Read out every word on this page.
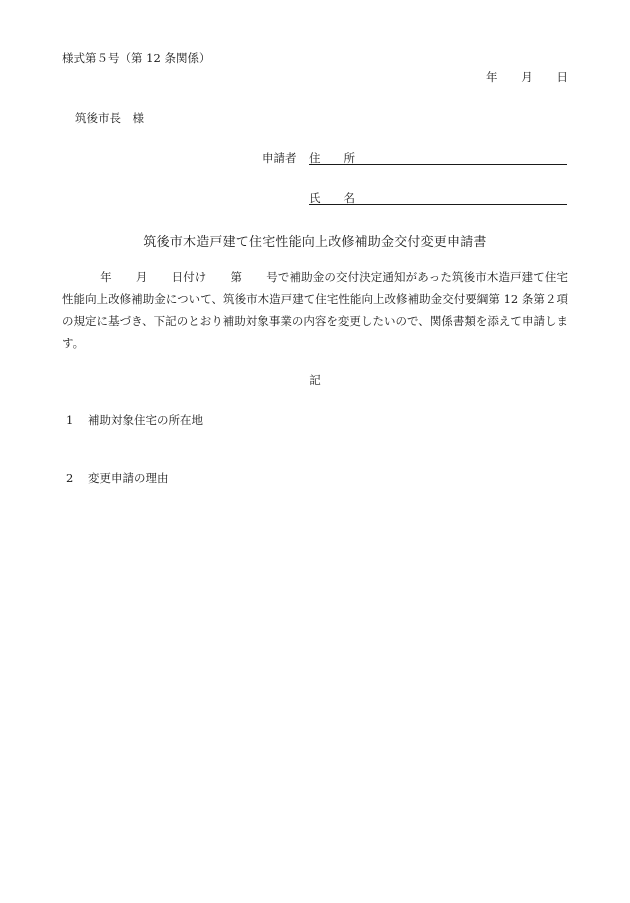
様式第５号（第 12 条関係）
年 月 日
筑後市長　様
申請者 住 所
氏 名
筑後市木造戸建て住宅性能向上改修補助金交付変更申請書
年 月 日付け 第 号で補助金の交付決定通知があった筑後市木造戸建て住宅性能向上改修補助金について、筑後市木造戸建て住宅性能向上改修補助金交付要綱第 12 条第２項の規定に基づき、下記のとおり補助対象事業の内容を変更したいので、関係書類を添えて申請します。
記
1 補助対象住宅の所在地
2 変更申請の理由
